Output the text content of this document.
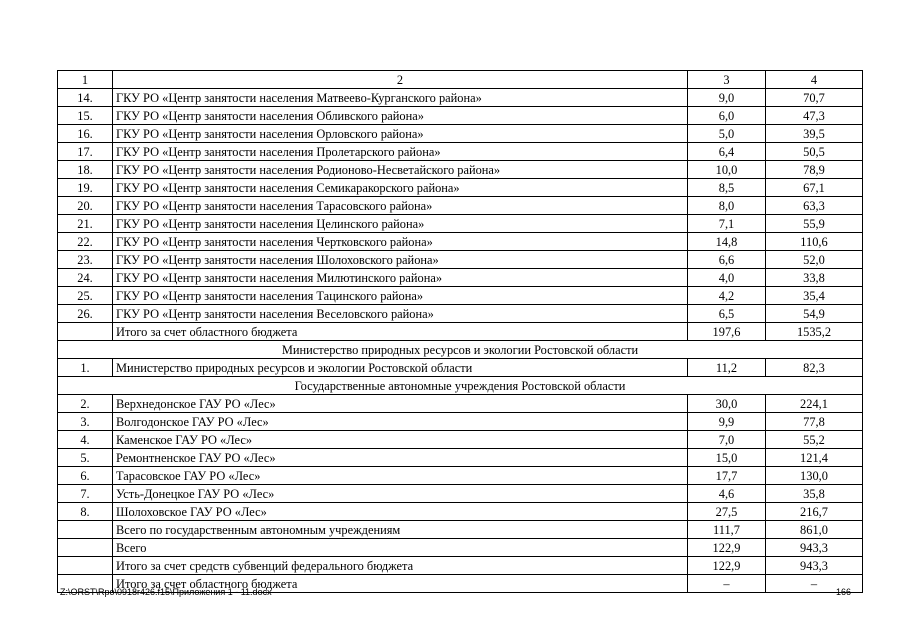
1	2	3	4
14.	ГКУ РО «Центр занятости населения Матвеево-Курганского района»	9,0	70,7
15.	ГКУ РО «Центр занятости населения Обливского района»	6,0	47,3
16.	ГКУ РО «Центр занятости населения Орловского района»	5,0	39,5
17.	ГКУ РО «Центр занятости населения Пролетарского района»	6,4	50,5
18.	ГКУ РО «Центр занятости населения Родионово-Несветайского района»	10,0	78,9
19.	ГКУ РО «Центр занятости населения Семикаракорского района»	8,5	67,1
20.	ГКУ РО «Центр занятости населения Тарасовского района»	8,0	63,3
21.	ГКУ РО «Центр занятости населения Целинского района»	7,1	55,9
22.	ГКУ РО «Центр занятости населения Чертковского района»	14,8	110,6
23.	ГКУ РО «Центр занятости населения Шолоховского района»	6,6	52,0
24.	ГКУ РО «Центр занятости населения Милютинского района»	4,0	33,8
25.	ГКУ РО «Центр занятости населения Тацинского района»	4,2	35,4
26.	ГКУ РО «Центр занятости населения Веселовского района»	6,5	54,9
	Итого за счет областного бюджета	197,6	1535,2
Министерство природных ресурсов и экологии Ростовской области			
1.	Министерство природных ресурсов и экологии Ростовской области	11,2	82,3
Государственные автономные учреждения Ростовской области			
2.	Верхнедонское ГАУ РО «Лес»	30,0	224,1
3.	Волгодонское ГАУ РО «Лес»	9,9	77,8
4.	Каменское ГАУ РО «Лес»	7,0	55,2
5.	Ремонтненское ГАУ РО «Лес»	15,0	121,4
6.	Тарасовское ГАУ РО «Лес»	17,7	130,0
7.	Усть-Донецкое ГАУ РО «Лес»	4,6	35,8
8.	Шолоховское ГАУ РО «Лес»	27,5	216,7
	Всего по государственным автономным учреждениям	111,7	861,0
	Всего	122,9	943,3
	Итого за счет средств субвенций федерального бюджета	122,9	943,3
	Итого за счет областного бюджета	–	–
Z:\ORST\Rpo\0918r426.f15\Приложения 1 - 11.docx	166
